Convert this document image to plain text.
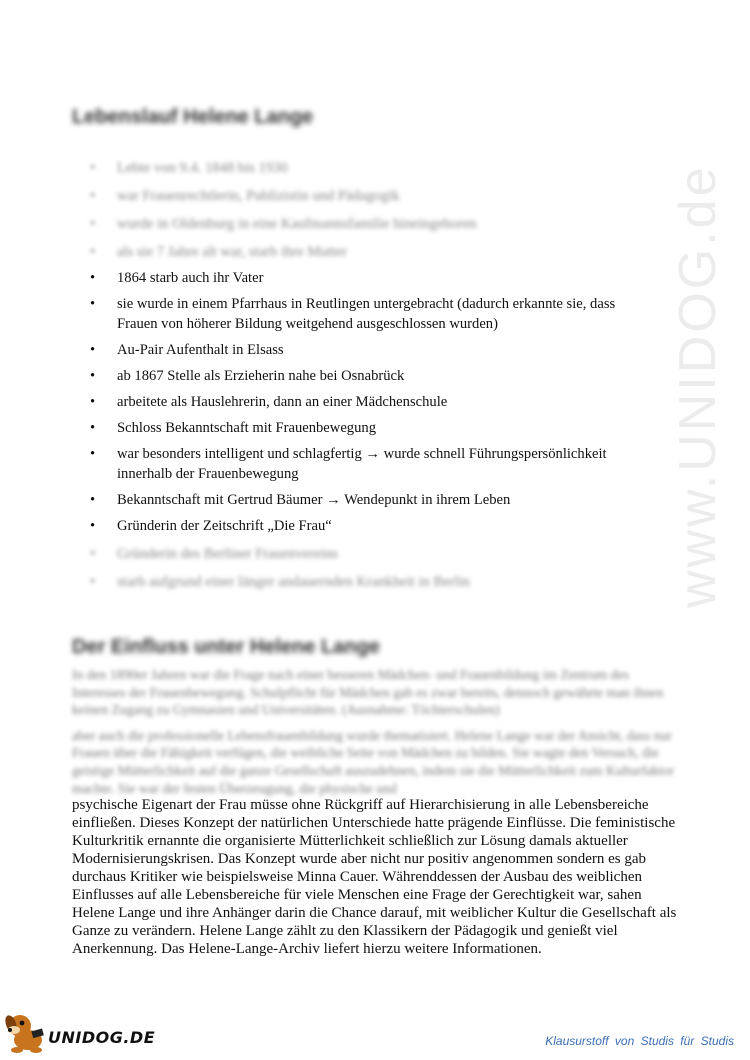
www.UNIDOG.de
Lebenslauf Helene Lange
•	Lebte von 9.4. 1848 bis 1930
•	war Frauenrechtlerin, Publizistin und Pädagogik
•	wurde in Oldenburg in eine Kaufmannsfamilie hineingeboren
•	als sie 7 Jahre alt war, starb ihre Mutter
•	1864 starb auch ihr Vater
•	sie wurde in einem Pfarrhaus in Reutlingen untergebracht (dadurch erkannte sie, dass Frauen von höherer Bildung weitgehend ausgeschlossen wurden)
•	Au-Pair Aufenthalt in Elsass
•	ab 1867 Stelle als Erzieherin nahe bei Osnabrück
•	arbeitete als Hauslehrerin, dann an einer Mädchenschule
•	Schloss Bekanntschaft mit Frauenbewegung
•	war besonders intelligent und schlagfertig → wurde schnell Führungspersönlichkeit innerhalb der Frauenbewegung
•	Bekanntschaft mit Gertrud Bäumer → Wendepunkt in ihrem Leben
•	Gründerin der Zeitschrift „Die Frau“
•	Gründerin des Berliner Frauenvereins
•	starb aufgrund einer länger andauernden Krankheit in Berlin
Der Einfluss unter Helene Lange

In den 1890er Jahren war die Frage nach einer besseren Mädchen- und Frauenbildung im Zentrum des Interesses der Frauenbewegung. Schulpflicht für Mädchen gab es zwar bereits, dennoch gewährte man ihnen keinen Zugang zu Gymnasien und Universitäten. (Ausnahme: Töchterschulen)

aber auch die professionelle Lebensfrauenbildung wurde thematisiert. Helene Lange war der Ansicht, dass nur Frauen über die Fähigkeit verfügen, die weibliche Seite von Mädchen zu bilden. Sie wagte den Versuch, die geistige Mütterlichkeit auf die ganze Gesellschaft auszudehnen, indem sie die Mütterlichkeit zum Kulturfaktor machte. Sie war der festen Überzeugung, die physische und

psychische Eigenart der Frau müsse ohne Rückgriff auf Hierarchisierung in alle Lebensbereiche einfließen. Dieses Konzept der natürlichen Unterschiede hatte prägende Einflüsse. Die feministische Kulturkritik ernannte die organisierte Mütterlichkeit schließlich zur Lösung damals aktueller Modernisierungskrisen. Das Konzept wurde aber nicht nur positiv angenommen sondern es gab durchaus Kritiker wie beispielsweise Minna Cauer. Währenddessen der Ausbau des weiblichen Einflusses auf alle Lebensbereiche für viele Menschen eine Frage der Gerechtigkeit war, sahen Helene Lange und ihre Anhänger darin die Chance darauf, mit weiblicher Kultur die Gesellschaft als Ganze zu verändern. Helene Lange zählt zu den Klassikern der Pädagogik und genießt viel Anerkennung. Das Helene-Lange-Archiv liefert hierzu weitere Informationen.

UNIDOG.DE	Klausurstoff von Studis für Studis
